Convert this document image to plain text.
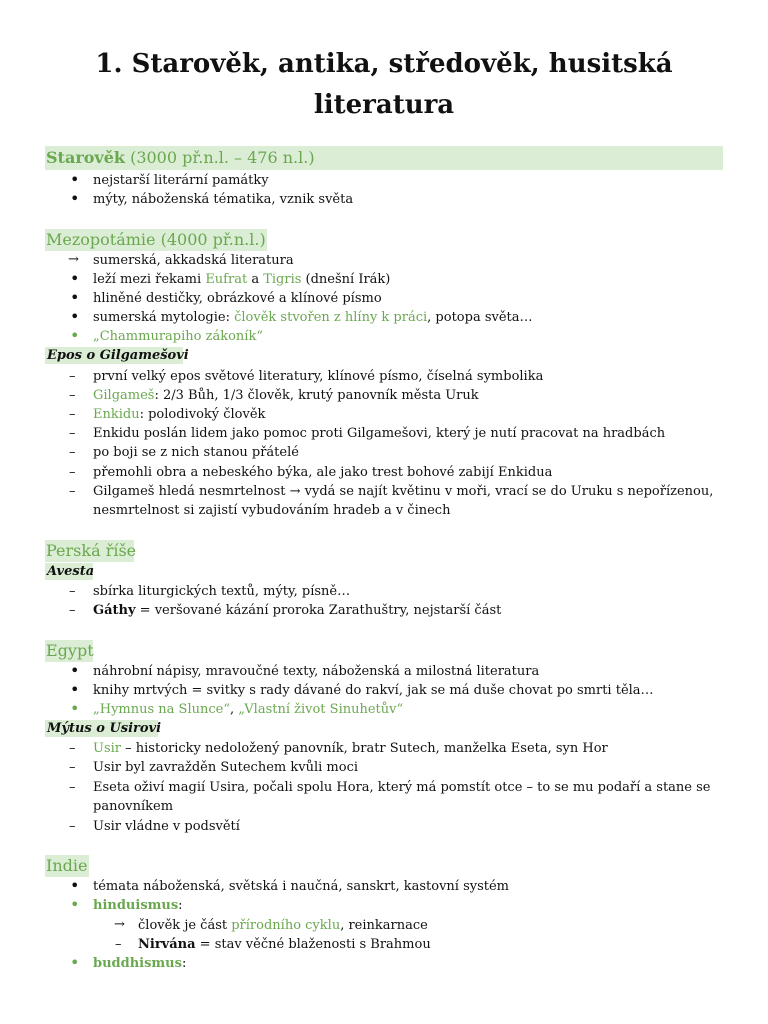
1. Starověk, antika, středověk, husitská
literatura
Starověk (3000 př.n.l. – 476 n.l.)
• nejstarší literární památky
• mýty, náboženská tématika, vznik světa
Mezopotámie (4000 př.n.l.)
→ sumerská, akkadská literatura
• leží mezi řekami Eufrat a Tigris (dnešní Irák)
• hliněné destičky, obrázkové a klínové písmo
• sumerská mytologie: člověk stvořen z hlíny k práci, potopa světa…
• „Chammurapiho zákoník“
Epos o Gilgamešovi
– první velký epos světové literatury, klínové písmo, číselná symbolika
– Gilgameš: 2/3 Bůh, 1/3 člověk, krutý panovník města Uruk
– Enkidu: polodivoký člověk
– Enkidu poslán lidem jako pomoc proti Gilgamešovi, který je nutí pracovat na hradbách
– po boji se z nich stanou přátelé
– přemohli obra a nebeského býka, ale jako trest bohové zabijí Enkidua
– Gilgameš hledá nesmrtelnost → vydá se najít květinu v moři, vrací se do Uruku s nepořízenou,
nesmrtelnost si zajistí vybudováním hradeb a v činech
Perská říše
Avesta
– sbírka liturgických textů, mýty, písně…
– Gáthy = veršované kázání proroka Zarathuštry, nejstarší část
Egypt
• náhrobní nápisy, mravoučné texty, náboženská a milostná literatura
• knihy mrtvých = svitky s rady dávané do rakví, jak se má duše chovat po smrti těla…
• „Hymnus na Slunce“, „Vlastní život Sinuhetův“
Mýtus o Usirovi
– Usir – historicky nedoložený panovník, bratr Sutech, manželka Eseta, syn Hor
– Usir byl zavražděn Sutechem kvůli moci
– Eseta oživí magií Usira, počali spolu Hora, který má pomstít otce – to se mu podaří a stane se
panovníkem
– Usir vládne v podsvětí
Indie
• témata náboženská, světská i naučná, sanskrt, kastovní systém
• hinduismus:
→ člověk je část přírodního cyklu, reinkarnace
– Nirvána = stav věčné blaženosti s Brahmou
• buddhismus:
